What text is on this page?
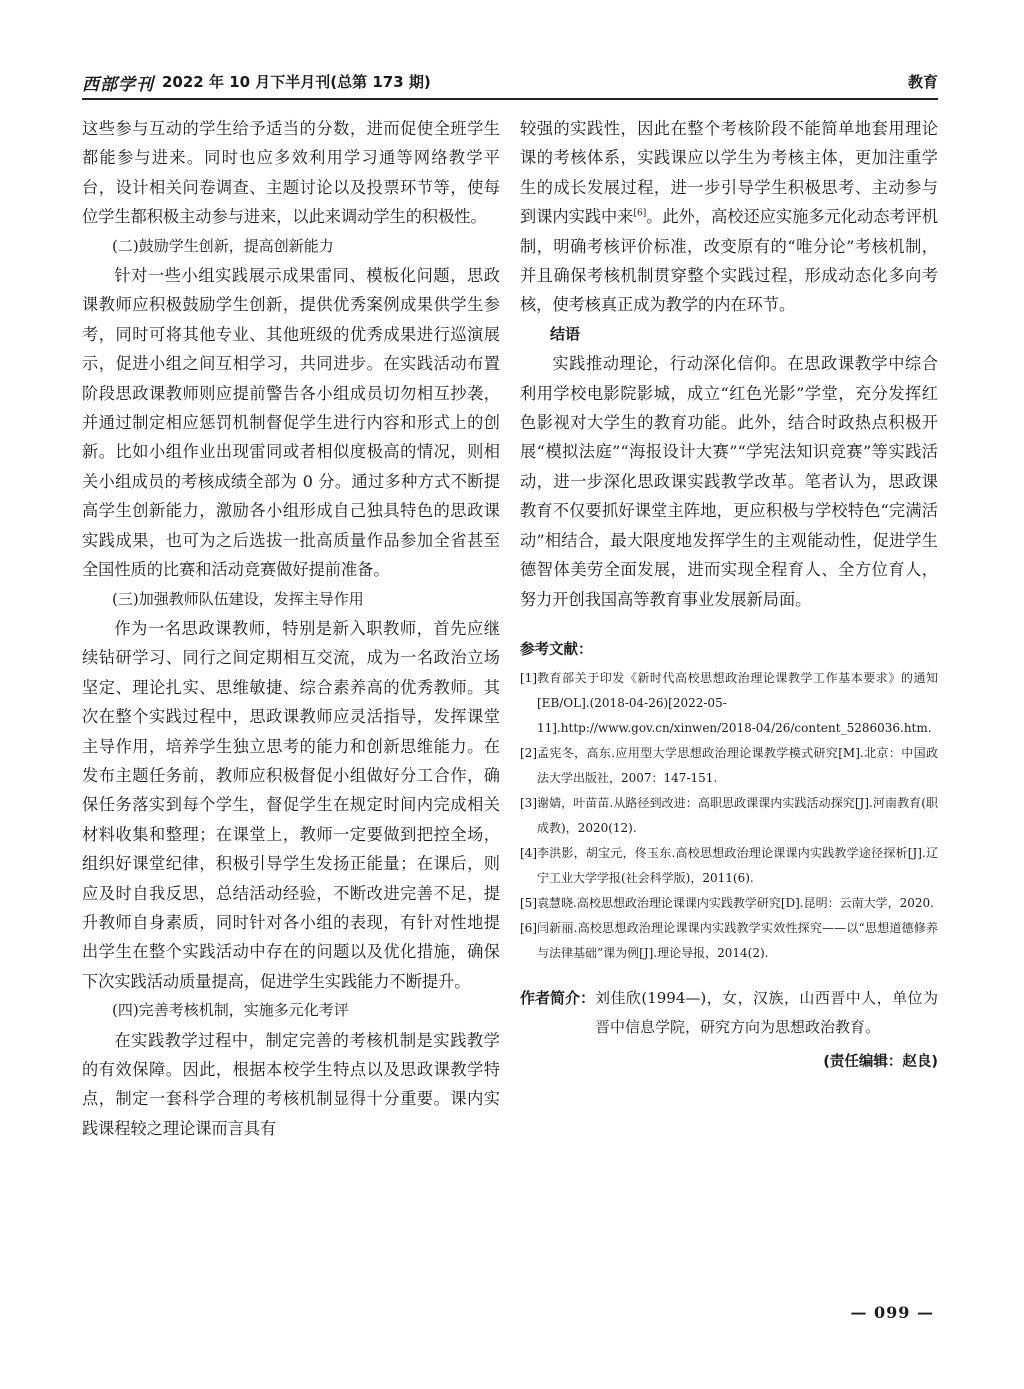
西部学刊 2022 年 10 月下半月刊(总第 173 期)	教育

这些参与互动的学生给予适当的分数，进而促使全班学生都能参与进来。同时也应多效利用学习通等网络教学平台，设计相关问卷调查、主题讨论以及投票环节等，使每位学生都积极主动参与进来，以此来调动学生的积极性。

(二)鼓励学生创新，提高创新能力

针对一些小组实践展示成果雷同、模板化问题，思政课教师应积极鼓励学生创新，提供优秀案例成果供学生参考，同时可将其他专业、其他班级的优秀成果进行巡演展示，促进小组之间互相学习，共同进步。在实践活动布置阶段思政课教师则应提前警告各小组成员切勿相互抄袭，并通过制定相应惩罚机制督促学生进行内容和形式上的创新。比如小组作业出现雷同或者相似度极高的情况，则相关小组成员的考核成绩全部为 0 分。通过多种方式不断提高学生创新能力，激励各小组形成自己独具特色的思政课实践成果，也可为之后选拔一批高质量作品参加全省甚至全国性质的比赛和活动竞赛做好提前准备。

(三)加强教师队伍建设，发挥主导作用

作为一名思政课教师，特别是新入职教师，首先应继续钻研学习、同行之间定期相互交流，成为一名政治立场坚定、理论扎实、思维敏捷、综合素养高的优秀教师。其次在整个实践过程中，思政课教师应灵活指导，发挥课堂主导作用，培养学生独立思考的能力和创新思维能力。在发布主题任务前，教师应积极督促小组做好分工合作，确保任务落实到每个学生，督促学生在规定时间内完成相关材料收集和整理；在课堂上，教师一定要做到把控全场，组织好课堂纪律，积极引导学生发扬正能量；在课后，则应及时自我反思，总结活动经验，不断改进完善不足，提升教师自身素质，同时针对各小组的表现，有针对性地提出学生在整个实践活动中存在的问题以及优化措施，确保下次实践活动质量提高，促进学生实践能力不断提升。

(四)完善考核机制，实施多元化考评

在实践教学过程中，制定完善的考核机制是实践教学的有效保障。因此，根据本校学生特点以及思政课教学特点，制定一套科学合理的考核机制显得十分重要。课内实践课程较之理论课而言具有

较强的实践性，因此在整个考核阶段不能简单地套用理论课的考核体系，实践课应以学生为考核主体，更加注重学生的成长发展过程，进一步引导学生积极思考、主动参与到课内实践中来[6]。此外，高校还应实施多元化动态考评机制，明确考核评价标准，改变原有的“唯分论”考核机制，并且确保考核机制贯穿整个实践过程，形成动态化多向考核，使考核真正成为教学的内在环节。

结语

实践推动理论，行动深化信仰。在思政课教学中综合利用学校电影院影城，成立“红色光影”学堂，充分发挥红色影视对大学生的教育功能。此外，结合时政热点积极开展“模拟法庭”“海报设计大赛”“学宪法知识竞赛”等实践活动，进一步深化思政课实践教学改革。笔者认为，思政课教育不仅要抓好课堂主阵地，更应积极与学校特色“完满活动”相结合，最大限度地发挥学生的主观能动性，促进学生德智体美劳全面发展，进而实现全程育人、全方位育人，努力开创我国高等教育事业发展新局面。

参考文献：
[1] 教育部关于印发《新时代高校思想政治理论课教学工作基本要求》的通知[EB/OL].(2018-04-26)[2022-05-11].http://www.gov.cn/xinwen/2018-04/26/content_5286036.htm.
[2] 孟宪冬，高东.应用型大学思想政治理论课教学模式研究[M].北京：中国政法大学出版社，2007：147-151.
[3] 谢婧，叶苗苗.从路径到改进：高职思政课课内实践活动探究[J].河南教育(职成教)，2020(12).
[4] 李洪影，胡宝元，佟玉东.高校思想政治理论课课内实践教学途径探析[J].辽宁工业大学学报(社会科学版)，2011(6).
[5] 袁慧晓.高校思想政治理论课课内实践教学研究[D].昆明：云南大学，2020.
[6] 闫新丽.高校思想政治理论课课内实践教学实效性探究——以“思想道德修养与法律基础”课为例[J].理论导报，2014(2).
作者简介： 刘佳欣(1994—)，女，汉族，山西晋中人，单位为晋中信息学院，研究方向为思想政治教育。
(责任编辑：赵良)
— 099 —
